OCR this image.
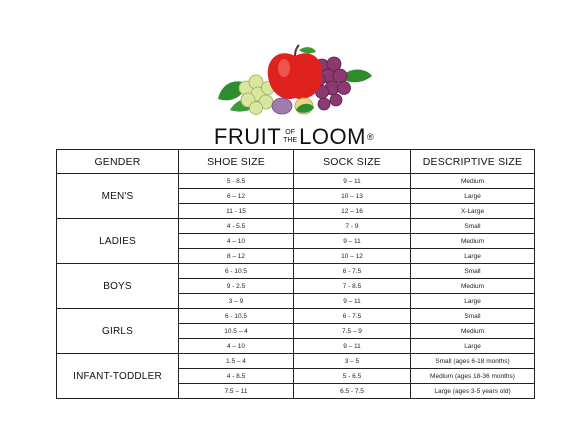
FRUIT OF
THE LOOM ®
GENDER	SHOE SIZE	SOCK SIZE	DESCRIPTIVE SIZE
MEN'S	5 - 8.5	9 – 11	Medium
	6 – 12	10 – 13	Large
	11 - 15	12 – 16	X-Large
LADIES	4 - 5.5	7 - 9	Small
	4 – 10	9 – 11	Medium
	8 – 12	10 – 12	Large
BOYS	6 - 10.5	6 - 7.5	Small
	9 - 2.5	7 - 8.5	Medium
	3 – 9	9 – 11	Large
GIRLS	6 - 10.5	6 - 7.5	Small
	10.5 – 4	7.5 – 9	Medium
	4 – 10	9 – 11	Large
INFANT-TODDLER	1.5 – 4	3 – 5	Small (ages 6-18 months)
	4 - 8.5	5 - 6.5	Medium (ages 18-36 months)
	7.5 – 11	6.5 - 7.5	Large (ages 3-5 years old)
